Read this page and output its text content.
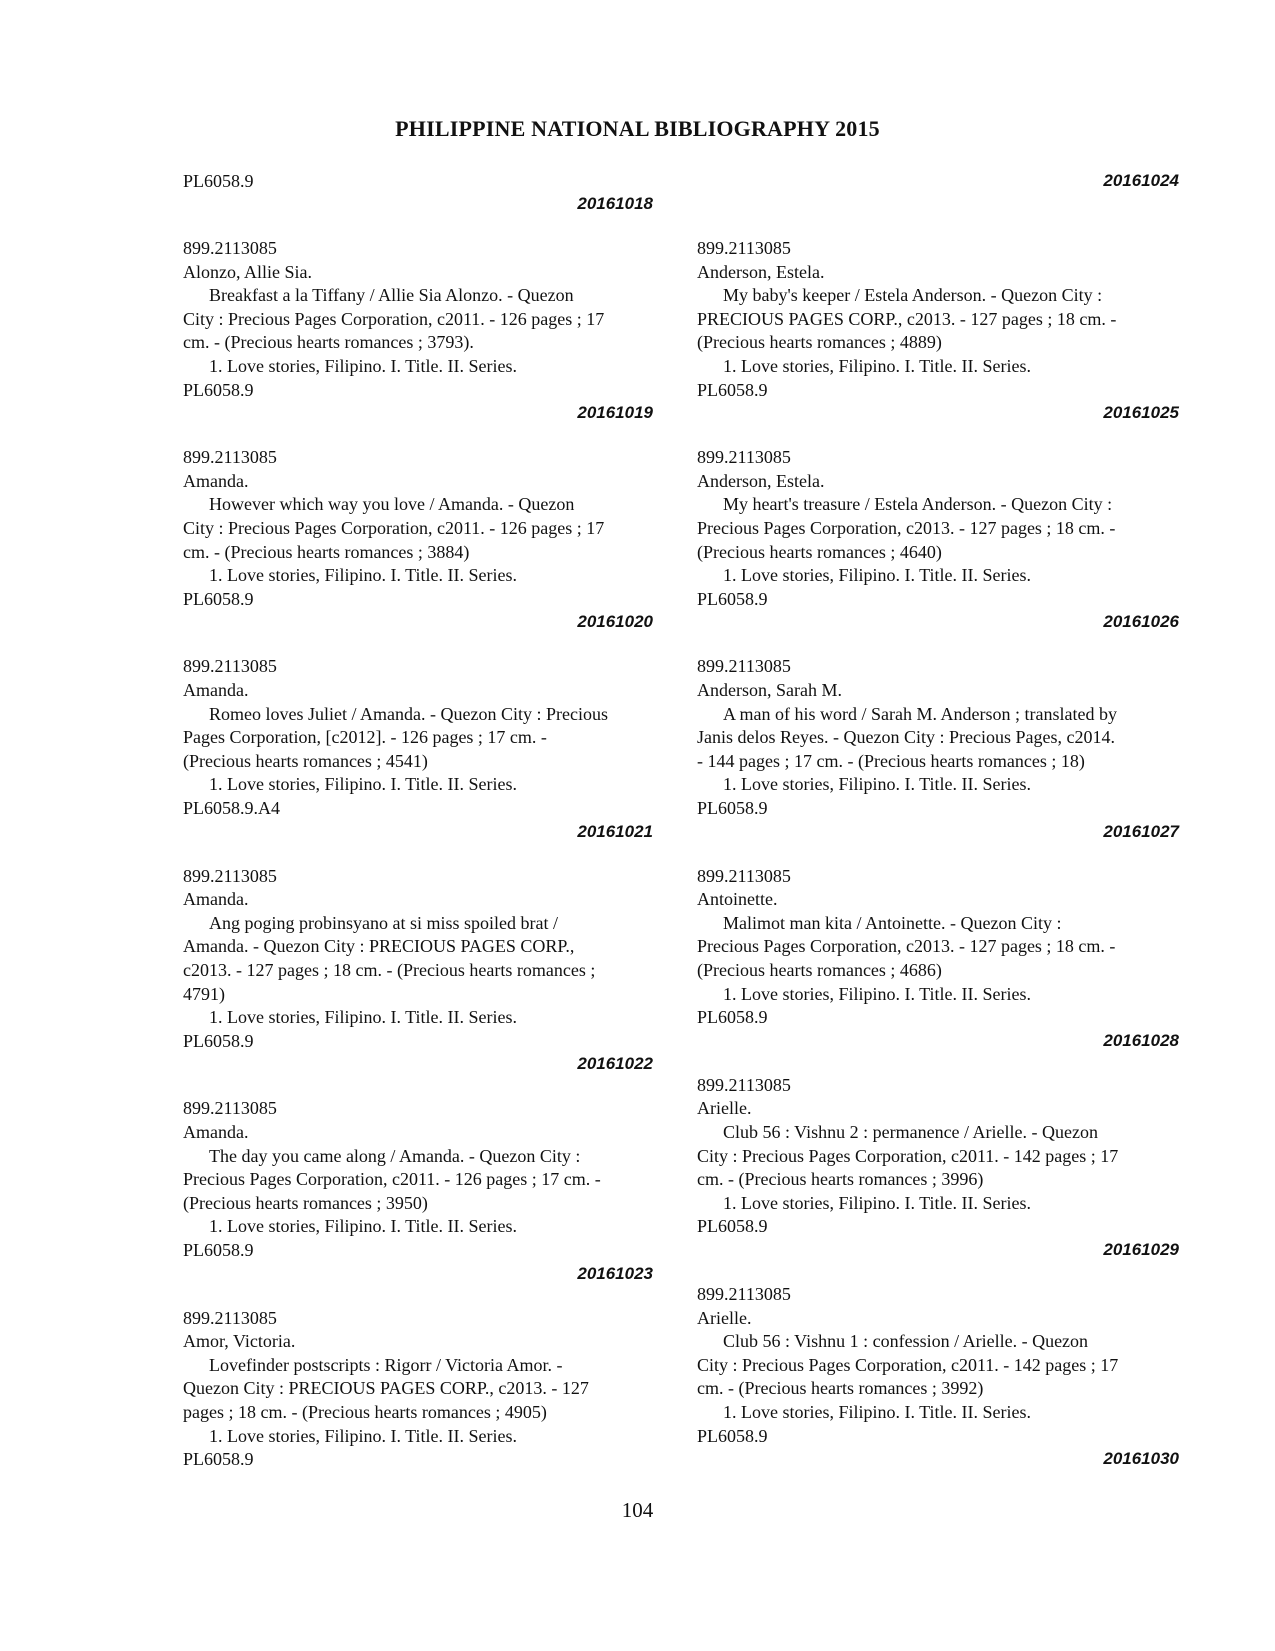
PHILIPPINE NATIONAL BIBLIOGRAPHY 2015
PL6058.9
20161018
899.2113085
Alonzo, Allie Sia.
Breakfast a la Tiffany / Allie Sia Alonzo. - Quezon
City : Precious Pages Corporation, c2011. - 126 pages ; 17
cm. - (Precious hearts romances ; 3793).
1. Love stories, Filipino. I. Title. II. Series.
PL6058.9
20161019
899.2113085
Amanda.
However which way you love / Amanda. - Quezon
City : Precious Pages Corporation, c2011. - 126 pages ; 17
cm. - (Precious hearts romances ; 3884)
1. Love stories, Filipino. I. Title. II. Series.
PL6058.9
20161020
899.2113085
Amanda.
Romeo loves Juliet / Amanda. - Quezon City : Precious
Pages Corporation, [c2012]. - 126 pages ; 17 cm. -
(Precious hearts romances ; 4541)
1. Love stories, Filipino. I. Title. II. Series.
PL6058.9.A4
20161021
899.2113085
Amanda.
Ang poging probinsyano at si miss spoiled brat /
Amanda. - Quezon City : PRECIOUS PAGES CORP.,
c2013. - 127 pages ; 18 cm. - (Precious hearts romances ;
4791)
1. Love stories, Filipino. I. Title. II. Series.
PL6058.9
20161022
899.2113085
Amanda.
The day you came along / Amanda. - Quezon City :
Precious Pages Corporation, c2011. - 126 pages ; 17 cm. -
(Precious hearts romances ; 3950)
1. Love stories, Filipino. I. Title. II. Series.
PL6058.9
20161023
899.2113085
Amor, Victoria.
Lovefinder postscripts : Rigorr / Victoria Amor. -
Quezon City : PRECIOUS PAGES CORP., c2013. - 127
pages ; 18 cm. - (Precious hearts romances ; 4905)
1. Love stories, Filipino. I. Title. II. Series.
PL6058.9
20161024
899.2113085
Anderson, Estela.
My baby's keeper / Estela Anderson. - Quezon City :
PRECIOUS PAGES CORP., c2013. - 127 pages ; 18 cm. -
(Precious hearts romances ; 4889)
1. Love stories, Filipino. I. Title. II. Series.
PL6058.9
20161025
899.2113085
Anderson, Estela.
My heart's treasure / Estela Anderson. - Quezon City :
Precious Pages Corporation, c2013. - 127 pages ; 18 cm. -
(Precious hearts romances ; 4640)
1. Love stories, Filipino. I. Title. II. Series.
PL6058.9
20161026
899.2113085
Anderson, Sarah M.
A man of his word / Sarah M. Anderson ; translated by
Janis delos Reyes. - Quezon City : Precious Pages, c2014.
- 144 pages ; 17 cm. - (Precious hearts romances ; 18)
1. Love stories, Filipino. I. Title. II. Series.
PL6058.9
20161027
899.2113085
Antoinette.
Malimot man kita / Antoinette. - Quezon City :
Precious Pages Corporation, c2013. - 127 pages ; 18 cm. -
(Precious hearts romances ; 4686)
1. Love stories, Filipino. I. Title. II. Series.
PL6058.9
20161028
899.2113085
Arielle.
Club 56 : Vishnu 2 : permanence / Arielle. - Quezon
City : Precious Pages Corporation, c2011. - 142 pages ; 17
cm. - (Precious hearts romances ; 3996)
1. Love stories, Filipino. I. Title. II. Series.
PL6058.9
20161029
899.2113085
Arielle.
Club 56 : Vishnu 1 : confession / Arielle. - Quezon
City : Precious Pages Corporation, c2011. - 142 pages ; 17
cm. - (Precious hearts romances ; 3992)
1. Love stories, Filipino. I. Title. II. Series.
PL6058.9
20161030
104
